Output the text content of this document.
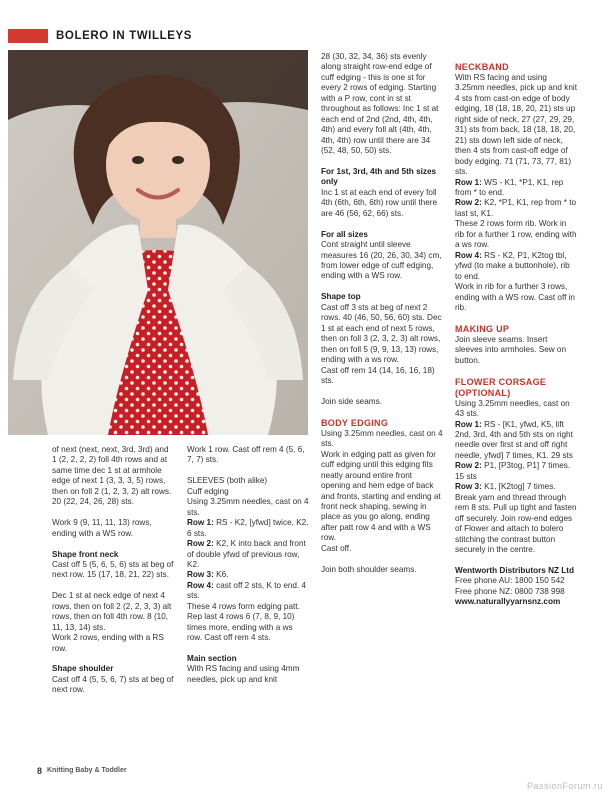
BOLERO IN TWILLEYS

of next (next, next, 3rd, 3rd) and 1 (2, 2, 2, 2) foll 4th rows and at same time dec 1 st at armhole edge of next 1 (3, 3, 3, 5) rows, then on foll 2 (1, 2, 3, 2) alt rows. 20 (22, 24, 26, 28) sts.

Work 9 (9, 11, 11, 13) rows, ending with a WS row.

Shape front neck

Cast off 5 (5, 6, 5, 6) sts at beg of next row. 15 (17, 18, 21, 22) sts.

Dec 1 st at neck edge of next 4 rows, then on foll 2 (2, 2, 3, 3) alt rows, then on foll 4th row. 8 (10, 11, 13, 14) sts.

Work 2 rows, ending with a RS row.

Shape shoulder

Cast off 4 (5, 5, 6, 7) sts at beg of next row.

Work 1 row. Cast off rem 4 (5, 6, 7, 7) sts.

SLEEVES (both alike)
Cuff edging
Using 3.25mm needles, cast on 4 sts.
Row 1: RS - K2, [yfwd] twice, K2. 6 sts.
Row 2: K2, K into back and front of double yfwd of previous row, K2.
Row 3: K6.
Row 4: cast off 2 sts, K to end. 4 sts.
These 4 rows form edging patt.

Rep last 4 rows 6 (7, 8, 9, 10) times more, ending with a ws row. Cast off rem 4 sts.

Main section

With RS facing and using 4mm needles, pick up and knit

28 (30, 32, 34, 36) sts evenly along straight row-end edge of cuff edging - this is one st for every 2 rows of edging. Starting with a P row, cont in st st throughout as follows: Inc 1 st at each end of 2nd (2nd, 4th, 4th, 4th) and every foll alt (4th, 4th, 4th, 4th) row until there are 34 (52, 48, 50, 50) sts.

For 1st, 3rd, 4th and 5th sizes only

Inc 1 st at each end of every foll 4th (6th, 6th, 6th) row until there are 46 (56, 62, 66) sts.

For all sizes

Cont straight until sleeve measures 16 (20, 26, 30, 34) cm, from lower edge of cuff edging, ending with a WS row.

Shape top
Cast off 3 sts at beg of next 2 rows. 40 (46, 50, 56, 60) sts. Dec 1 st at each end of next 5 rows, then on foll 3 (2, 3, 2, 3) alt rows, then on foll 5 (9, 9, 13, 13) rows, ending with a ws row.

Cast off rem 14 (14, 16, 16, 18) sts.

Join side seams.

BODY EDGING
Using 3.25mm needles, cast on 4 sts.
Work in edging patt as given for cuff edging until this edging fits neatly around entire front opening and hem edge of back and fronts, starting and ending at front neck shaping, sewing in place as you go along, ending after patt row 4 and with a WS row.

Cast off.

Join both shoulder seams.

NECKBAND
With RS facing and using 3.25mm needles, pick up and knit 4 sts from cast-on edge of body edging, 18 (18, 18, 20, 21) sts up right side of neck, 27 (27, 29, 29, 31) sts from back, 18 (18, 18, 20, 21) sts down left side of neck, then 4 sts from cast-off edge of body edging. 71 (71, 73, 77, 81) sts.
Row 1: WS - K1, *P1, K1, rep from * to end.
Row 2: K2, *P1, K1, rep from * to last st, K1.
These 2 rows form rib. Work in rib for a further 1 row, ending with a ws row.
Row 4: RS - K2, P1, K2tog tbl, yfwd (to make a buttonhole), rib to end.

Work in rib for a further 3 rows, ending with a WS row. Cast off in rib.

MAKING UP

Join sleeve seams. Insert sleeves into armholes. Sew on button.

FLOWER CORSAGE (OPTIONAL)
Using 3.25mm needles, cast on 43 sts.
Row 1: RS - [K1, yfwd, K5, lift 2nd, 3rd, 4th and 5th sts on right needle over first st and off right needle, yfwd] 7 times, K1. 29 sts
Row 2: P1, [P3tog, P1] 7 times. 15 sts
Row 3: K1, [K2tog] 7 times.

Break yarn and thread through rem 8 sts. Pull up tight and fasten off securely. Join row-end edges of Flower and attach to bolero stitching the contrast button securely in the centre.

Wentworth Distributors NZ Ltd
Free phone AU: 1800 150 542
Free phone NZ: 0800 738 998
www.naturallyyarnsnz.com
8 Knitting Baby & Toddler
PassionForum.ru
